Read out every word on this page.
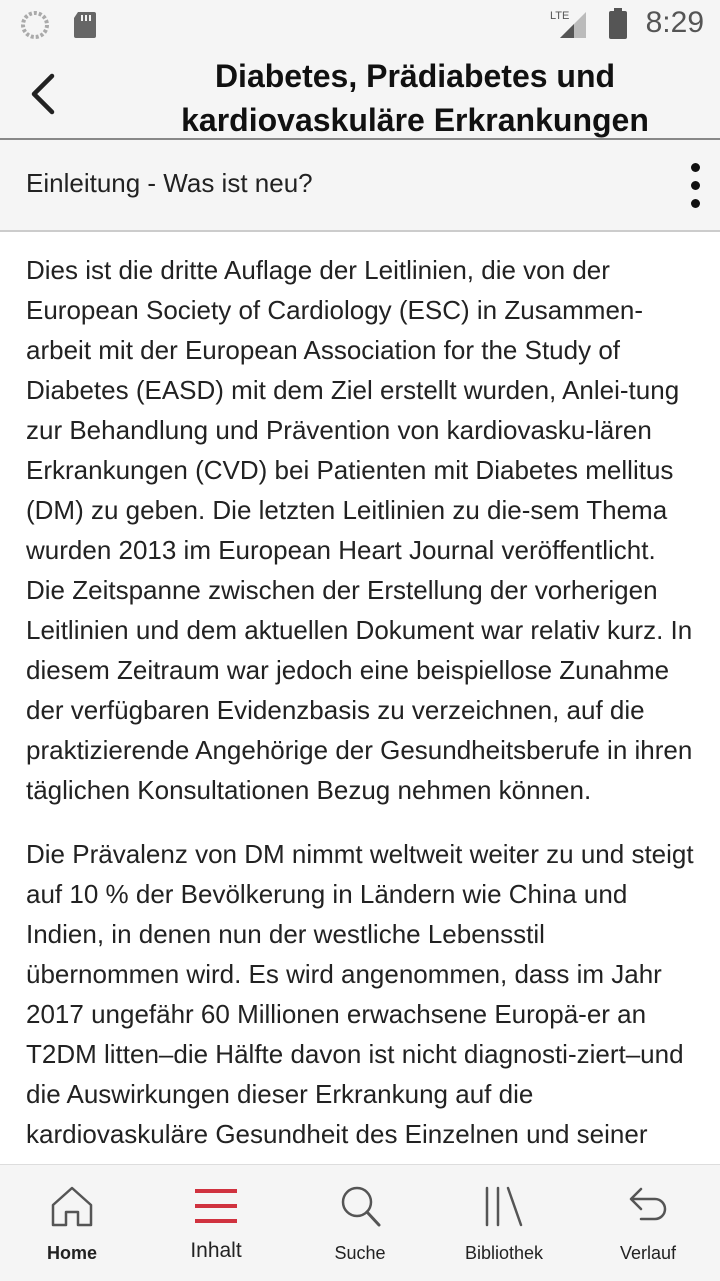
LTE	8:29
Diabetes, Prädiabetes und
kardiovaskuläre Erkrankungen
Einleitung - Was ist neu?

Dies ist die dritte Auflage der Leitlinien, die von der European Society of Cardiology (ESC) in Zusammen-arbeit mit der European Association for the Study of Diabetes (EASD) mit dem Ziel erstellt wurden, Anlei-tung zur Behandlung und Prävention von kardiovasku-lären Erkrankungen (CVD) bei Patienten mit Diabetes mellitus (DM) zu geben. Die letzten Leitlinien zu die-sem Thema wurden 2013 im European Heart Journal veröffentlicht. Die Zeitspanne zwischen der Erstellung der vorherigen Leitlinien und dem aktuellen Dokument war relativ kurz. In diesem Zeitraum war jedoch eine beispiellose Zunahme der verfügbaren Evidenzbasis zu verzeichnen, auf die praktizierende Angehörige der Gesundheitsberufe in ihren täglichen Konsultationen Bezug nehmen können.

Die Prävalenz von DM nimmt weltweit weiter zu und steigt auf 10 % der Bevölkerung in Ländern wie China und Indien, in denen nun der westliche Lebensstil übernommen wird. Es wird angenommen, dass im Jahr 2017 ungefähr 60 Millionen erwachsene Europä-er an T2DM litten–die Hälfte davon ist nicht diagnosti-ziert–und die Auswirkungen dieser Erkrankung auf die kardiovaskuläre Gesundheit des Einzelnen und seiner

Home	Inhalt	Suche	Bibliothek	Verlauf
